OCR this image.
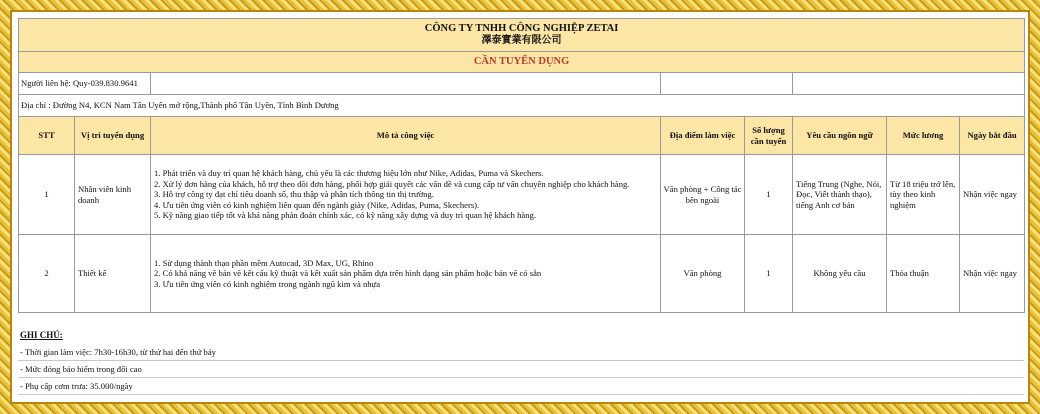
CÔNG TY TNHH CÔNG NGHIỆP ZETAI
澤泰實業有限公司							

CẦN TUYỂN DỤNG							
Người liên hệ: Quy-039.830.9641							
Địa chỉ : Đường N4, KCN Nam Tân Uyên mở rộng,Thành phố Tân Uyên, Tỉnh Bình Dương							
STT	Vị trí tuyển dụng	Mô tả công việc	Địa điểm làm việc	Số lượng cần tuyển	Yêu cầu ngôn ngữ	Mức lương	Ngày bắt đầu
1	Nhân viên kinh doanh	1. Phát triển và duy trì quan hệ khách hàng, chủ yếu là các thương hiệu lớn như Nike, Adidas, Puma và Skechers.
2. Xử lý đơn hàng của khách, hỗ trợ theo dõi đơn hàng, phối hợp giải quyết các vấn đề và cung cấp tư vấn chuyên nghiệp cho khách hàng.
3. Hỗ trợ công ty đạt chỉ tiêu doanh số, thu thập và phân tích thông tin thị trường.
4. Ưu tiên ứng viên có kinh nghiệm liên quan đến ngành giày (Nike, Adidas, Puma, Skechers).
5. Kỹ năng giao tiếp tốt và khả năng phán đoán chính xác, có kỹ năng xây dựng và duy trì quan hệ khách hàng.	Văn phòng + Công tác bên ngoài	1	Tiếng Trung (Nghe, Nói, Đọc, Viết thành thạo), tiếng Anh cơ bản	Từ 18 triệu trở lên, tùy theo kinh nghiệm	Nhận việc ngay
2	Thiết kế	1. Sử dụng thành thạo phần mềm Autocad, 3D Max, UG, Rhino
2. Có khả năng vẽ bản vẽ kết cấu kỹ thuật và kết xuất sản phẩm dựa trên hình dạng sản phẩm hoặc bản vẽ có sẵn
3. Ưu tiên ứng viên có kinh nghiệm trong ngành ngũ kim và nhựa	Văn phòng	1	Không yêu cầu	Thỏa thuận	Nhận việc ngay
GHI CHÚ:
- Thời gian làm việc: 7h30-16h30, từ thứ hai đến thứ bảy
- Mức đóng bảo hiểm trong đối cao
- Phụ cấp cơm trưa: 35.000/ngày
